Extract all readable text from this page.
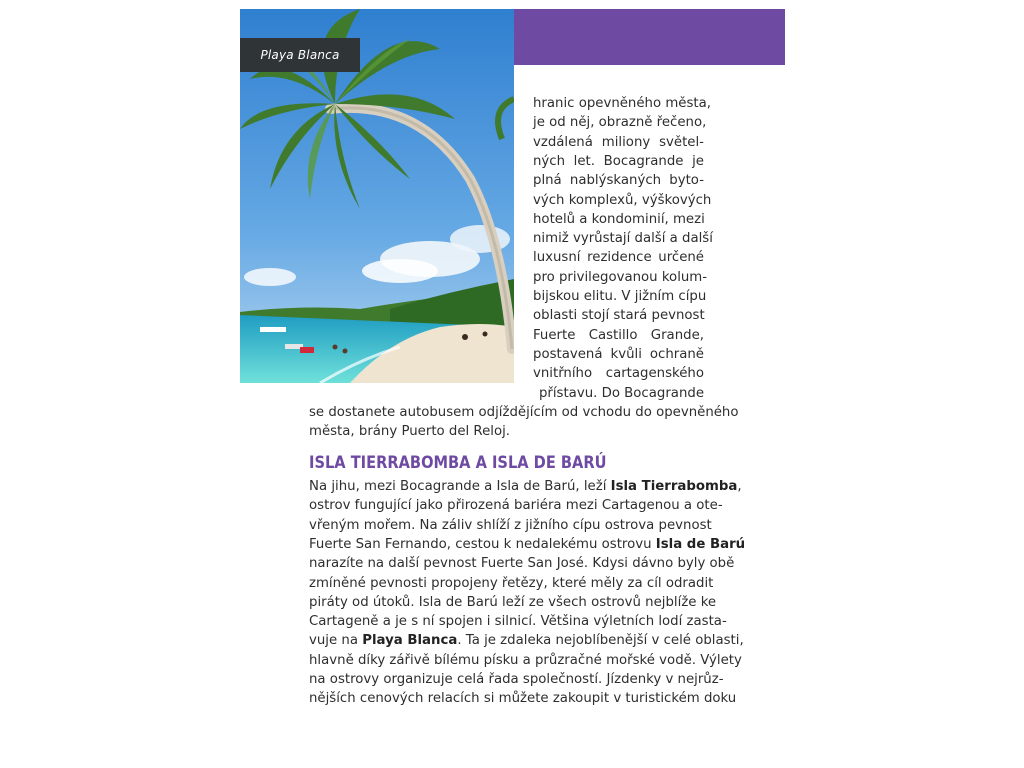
Playa Blanca
hranic opevněného města,
je od něj, obrazně řečeno,
vzdálená miliony světel-
ných let. Bocagrande je
plná nablýskaných byto-
vých komplexů, výškových
hotelů a kondominií, mezi
nimiž vyrůstají další a další
luxusní rezidence určené
pro privilegovanou kolum-
bijskou elitu. V jižním cípu
oblasti stojí stará pevnost
Fuerte Castillo Grande,
postavená kvůli ochraně
vnitřního cartagenského
přístavu. Do Bocagrande
se dostanete autobusem odjíždějícím od vchodu do opevněného
města, brány Puerto del Reloj.
ISLA TIERRABOMBA A ISLA DE BARÚ
Na jihu, mezi Bocagrande a Isla de Barú, leží Isla Tierrabomba,
ostrov fungující jako přirozená bariéra mezi Cartagenou a ote-
vřeným mořem. Na záliv shlíží z jižního cípu ostrova pevnost
Fuerte San Fernando, cestou k nedalekému ostrovu Isla de Barú
narazíte na další pevnost Fuerte San José. Kdysi dávno byly obě
zmíněné pevnosti propojeny řetězy, které měly za cíl odradit
piráty od útoků. Isla de Barú leží ze všech ostrovů nejblíže ke
Cartageně a je s ní spojen i silnicí. Většina výletních lodí zasta-
vuje na Playa Blanca. Ta je zdaleka nejoblíbenější v celé oblasti,
hlavně díky zářivě bílému písku a průzračné mořské vodě. Výlety
na ostrovy organizuje celá řada společností. Jízdenky v nejrůz-
nějších cenových relacích si můžete zakoupit v turistickém doku
